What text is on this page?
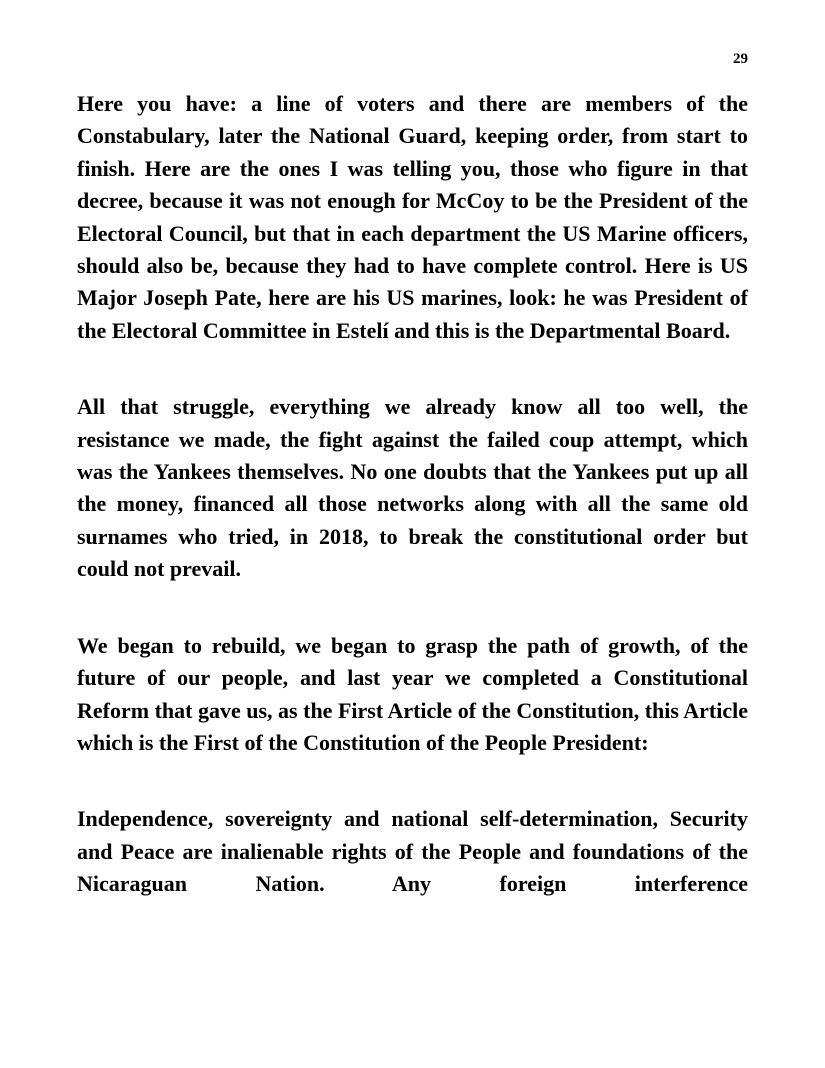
29

Here you have: a line of voters and there are members of the Constabulary, later the National Guard, keeping order, from start to finish. Here are the ones I was telling you, those who figure in that decree, because it was not enough for McCoy to be the President of the Electoral Council, but that in each department the US Marine officers, should also be, because they had to have complete control. Here is US Major Joseph Pate, here are his US marines, look: he was President of the Electoral Committee in Estelí and this is the Departmental Board.

All that struggle, everything we already know all too well, the resistance we made, the fight against the failed coup attempt, which was the Yankees themselves. No one doubts that the Yankees put up all the money, financed all those networks along with all the same old surnames who tried, in 2018, to break the constitutional order but could not prevail.

We began to rebuild, we began to grasp the path of growth, of the future of our people, and last year we completed a Constitutional Reform that gave us, as the First Article of the Constitution, this Article which is the First of the Constitution of the People President:

Independence, sovereignty and national self-determination, Security and Peace are inalienable rights of the People and foundations of the Nicaraguan Nation. Any foreign interference
